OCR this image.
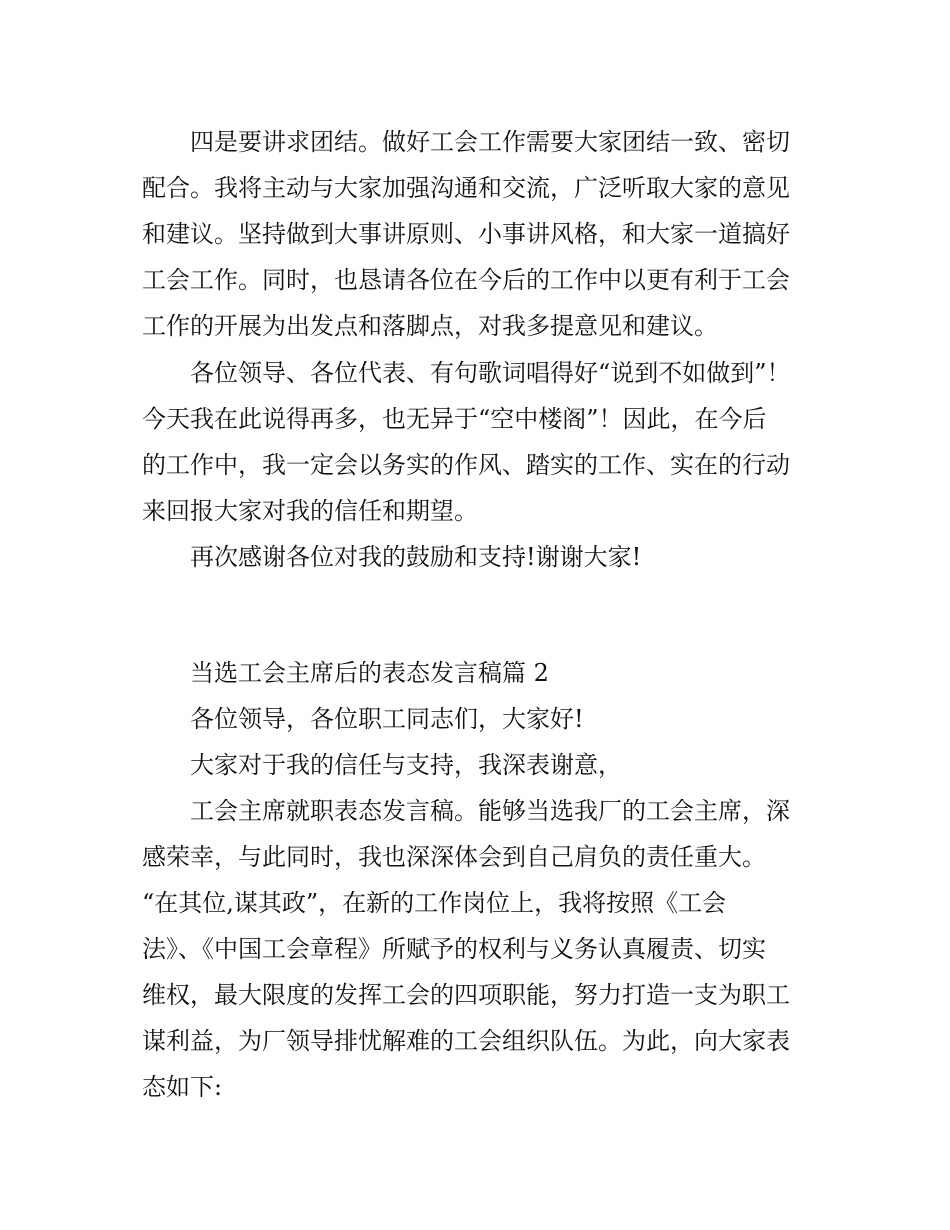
四是要讲求团结。做好工会工作需要大家团结一致、密切

配合。我将主动与大家加强沟通和交流，广泛听取大家的意见

和建议。坚持做到大事讲原则、小事讲风格，和大家一道搞好

工会工作。同时，也恳请各位在今后的工作中以更有利于工会

工作的开展为出发点和落脚点，对我多提意见和建议。

各位领导、各位代表、有句歌词唱得好“说到不如做到”！

今天我在此说得再多，也无异于“空中楼阁”！因此，在今后

的工作中，我一定会以务实的作风、踏实的工作、实在的行动

来回报大家对我的信任和期望。

再次感谢各位对我的鼓励和支持!谢谢大家!

当选工会主席后的表态发言稿篇 2

各位领导，各位职工同志们，大家好!

大家对于我的信任与支持，我深表谢意，

工会主席就职表态发言稿。能够当选我厂的工会主席，深

感荣幸，与此同时，我也深深体会到自己肩负的责任重大。

“在其位,谋其政”，在新的工作岗位上，我将按照《工会

法》、《中国工会章程》所赋予的权利与义务认真履责、切实

维权，最大限度的发挥工会的四项职能，努力打造一支为职工

谋利益，为厂领导排忧解难的工会组织队伍。为此，向大家表

态如下:
